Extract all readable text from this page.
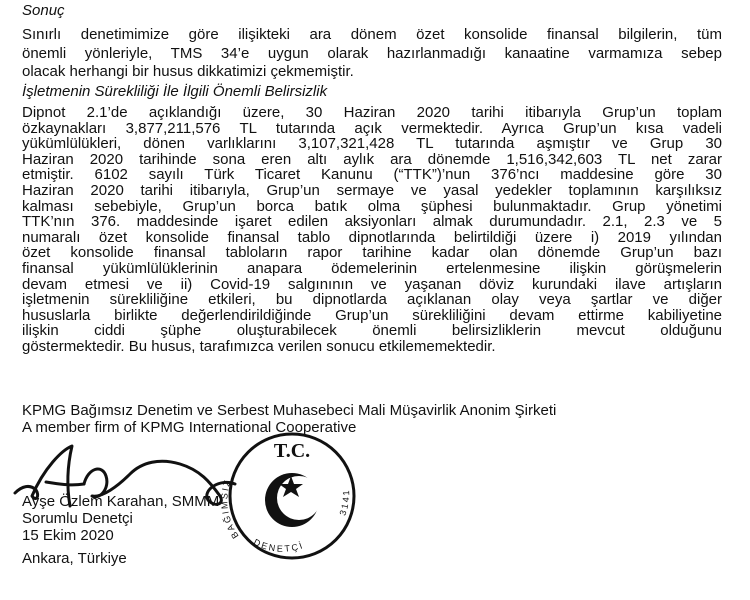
Sonuç
Sınırlı denetimimize göre ilişikteki ara dönem özet konsolide finansal bilgilerin, tüm
önemli yönleriyle, TMS 34’e uygun olarak hazırlanmadığı kanaatine varmamıza sebep
olacak herhangi bir husus dikkatimizi çekmemiştir.
İşletmenin Sürekliliği İle İlgili Önemli Belirsizlik
Dipnot 2.1’de açıklandığı üzere, 30 Haziran 2020 tarihi itibarıyla Grup’un toplam
özkaynakları 3,877,211,576 TL tutarında açık vermektedir. Ayrıca Grup’un kısa vadeli
yükümlülükleri, dönen varlıklarını 3,107,321,428 TL tutarında aşmıştır ve Grup 30
Haziran 2020 tarihinde sona eren altı aylık ara dönemde 1,516,342,603 TL net zarar
etmiştir. 6102 sayılı Türk Ticaret Kanunu (“TTK”)’nun 376’ncı maddesine göre 30
Haziran 2020 tarihi itibarıyla, Grup’un sermaye ve yasal yedekler toplamının karşılıksız
kalması sebebiyle, Grup’un borca batık olma şüphesi bulunmaktadır. Grup yönetimi
TTK’nın 376. maddesinde işaret edilen aksiyonları almak durumundadır. 2.1, 2.3 ve 5
numaralı özet konsolide finansal tablo dipnotlarında belirtildiği üzere i) 2019 yılından
özet konsolide finansal tabloların rapor tarihine kadar olan dönemde Grup’un bazı
finansal yükümlülüklerinin anapara ödemelerinin ertelenmesine ilişkin görüşmelerin
devam etmesi ve ii) Covid-19 salgınının ve yaşanan döviz kurundaki ilave artışların
işletmenin sürekliliğine etkileri, bu dipnotlarda açıklanan olay veya şartlar ve diğer
hususlarla birlikte değerlendirildiğinde Grup’un sürekliliğini devam ettirme kabiliyetine
ilişkin ciddi şüphe oluşturabilecek önemli belirsizliklerin mevcut olduğunu
göstermektedir. Bu husus, tarafımızca verilen sonucu etkilememektedir.
KPMG Bağımsız Denetim ve Serbest Muhasebeci Mali Müşavirlik Anonim Şirketi
A member firm of KPMG International Cooperative
Ayşe Özlem Karahan, SMMM
Sorumlu Denetçi
15 Ekim 2020
Ankara, Türkiye
T.C.
BAĞIMSIZ
DENETÇİ
3141
1923
